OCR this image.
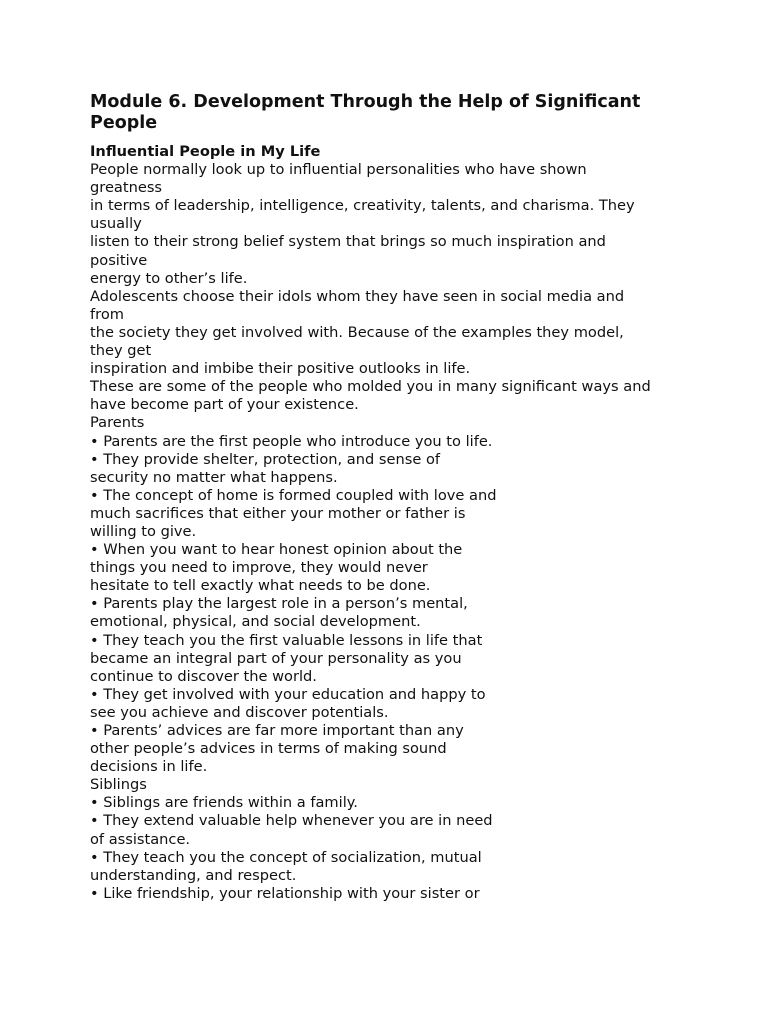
Module 6. Development Through the Help of Significant
People
Influential People in My Life
People normally look up to influential personalities who have shown
greatness
in terms of leadership, intelligence, creativity, talents, and charisma. They
usually
listen to their strong belief system that brings so much inspiration and
positive
energy to other’s life.
Adolescents choose their idols whom they have seen in social media and
from
the society they get involved with. Because of the examples they model,
they get
inspiration and imbibe their positive outlooks in life.
These are some of the people who molded you in many significant ways and
have become part of your existence.
Parents
• Parents are the first people who introduce you to life.
• They provide shelter, protection, and sense of
security no matter what happens.
• The concept of home is formed coupled with love and
much sacrifices that either your mother or father is
willing to give.
• When you want to hear honest opinion about the
things you need to improve, they would never
hesitate to tell exactly what needs to be done.
• Parents play the largest role in a person’s mental,
emotional, physical, and social development.
• They teach you the first valuable lessons in life that
became an integral part of your personality as you
continue to discover the world.
• They get involved with your education and happy to
see you achieve and discover potentials.
• Parents’ advices are far more important than any
other people’s advices in terms of making sound
decisions in life.
Siblings
• Siblings are friends within a family.
• They extend valuable help whenever you are in need
of assistance.
• They teach you the concept of socialization, mutual
understanding, and respect.
• Like friendship, your relationship with your sister or
